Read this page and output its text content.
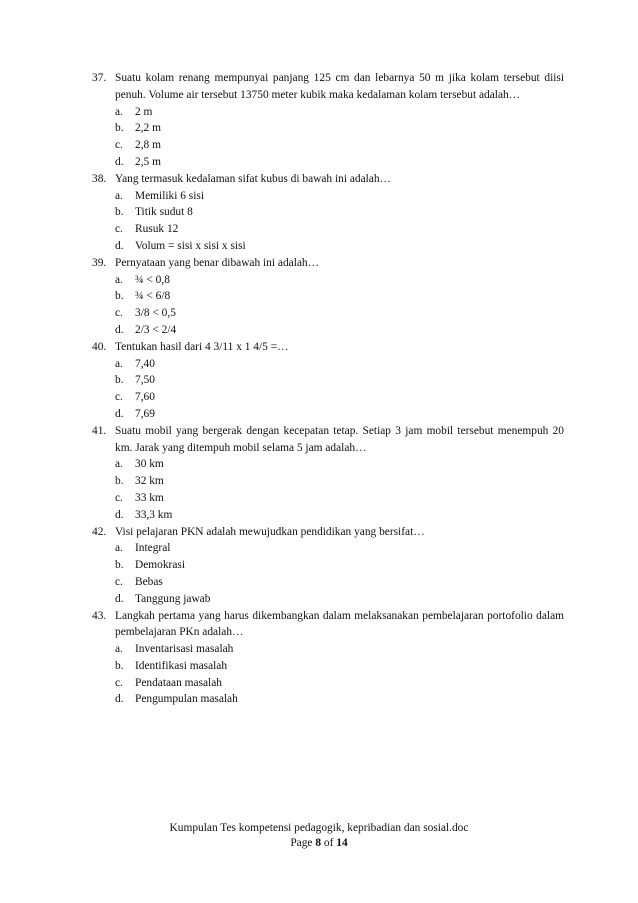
37. Suatu kolam renang mempunyai panjang 125 cm dan lebarnya 50 m jika kolam tersebut diisi penuh. Volume air tersebut 13750 meter kubik maka kedalaman kolam tersebut adalah…
a.	2 m
b.	2,2 m
c.	2,8 m
d.	2,5 m
38. Yang termasuk kedalaman sifat kubus di bawah ini adalah…
a.	Memiliki 6 sisi
b.	Titik sudut 8
c.	Rusuk 12
d.	Volum = sisi x sisi x sisi
39. Pernyataan yang benar dibawah ini adalah…
a.	¾ < 0,8
b.	¾ < 6/8
c.	3/8 < 0,5
d.	2/3 < 2/4
40. Tentukan hasil dari 4 3/11 x 1 4/5 =…
a.	7,40
b.	7,50
c.	7,60
d.	7,69
41. Suatu mobil yang bergerak dengan kecepatan tetap. Setiap 3 jam mobil tersebut menempuh 20 km. Jarak yang ditempuh mobil selama 5 jam adalah…
a.	30 km
b.	32 km
c.	33 km
d.	33,3 km
42. Visi pelajaran PKN adalah mewujudkan pendidikan yang bersifat…
a.	Integral
b.	Demokrasi
c.	Bebas
d.	Tanggung jawab
43. Langkah pertama yang harus dikembangkan dalam melaksanakan pembelajaran portofolio dalam pembelajaran PKn adalah…
a.	Inventarisasi masalah
b.	Identifikasi masalah
c.	Pendataan masalah
d.	Pengumpulan masalah
Kumpulan Tes kompetensi pedagogik, kepribadian dan sosial.doc
Page 8 of 14
